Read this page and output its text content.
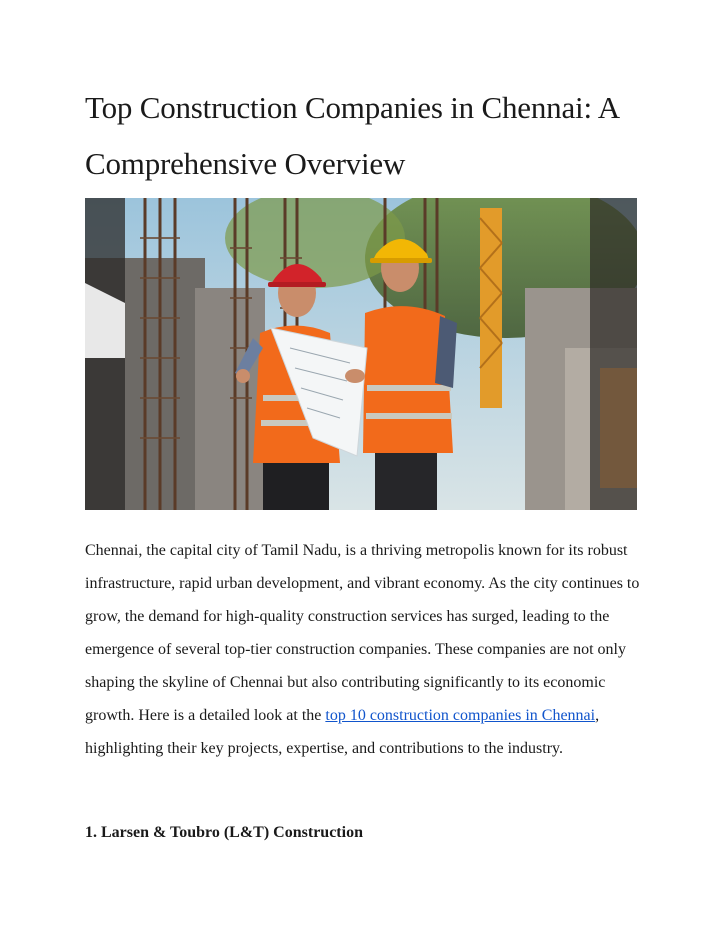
Top Construction Companies in Chennai: A Comprehensive Overview

Chennai, the capital city of Tamil Nadu, is a thriving metropolis known for its robust infrastructure, rapid urban development, and vibrant economy. As the city continues to grow, the demand for high-quality construction services has surged, leading to the emergence of several top-tier construction companies. These companies are not only shaping the skyline of Chennai but also contributing significantly to its economic growth. Here is a detailed look at the top 10 construction companies in Chennai, highlighting their key projects, expertise, and contributions to the industry.

1. Larsen & Toubro (L&T) Construction
